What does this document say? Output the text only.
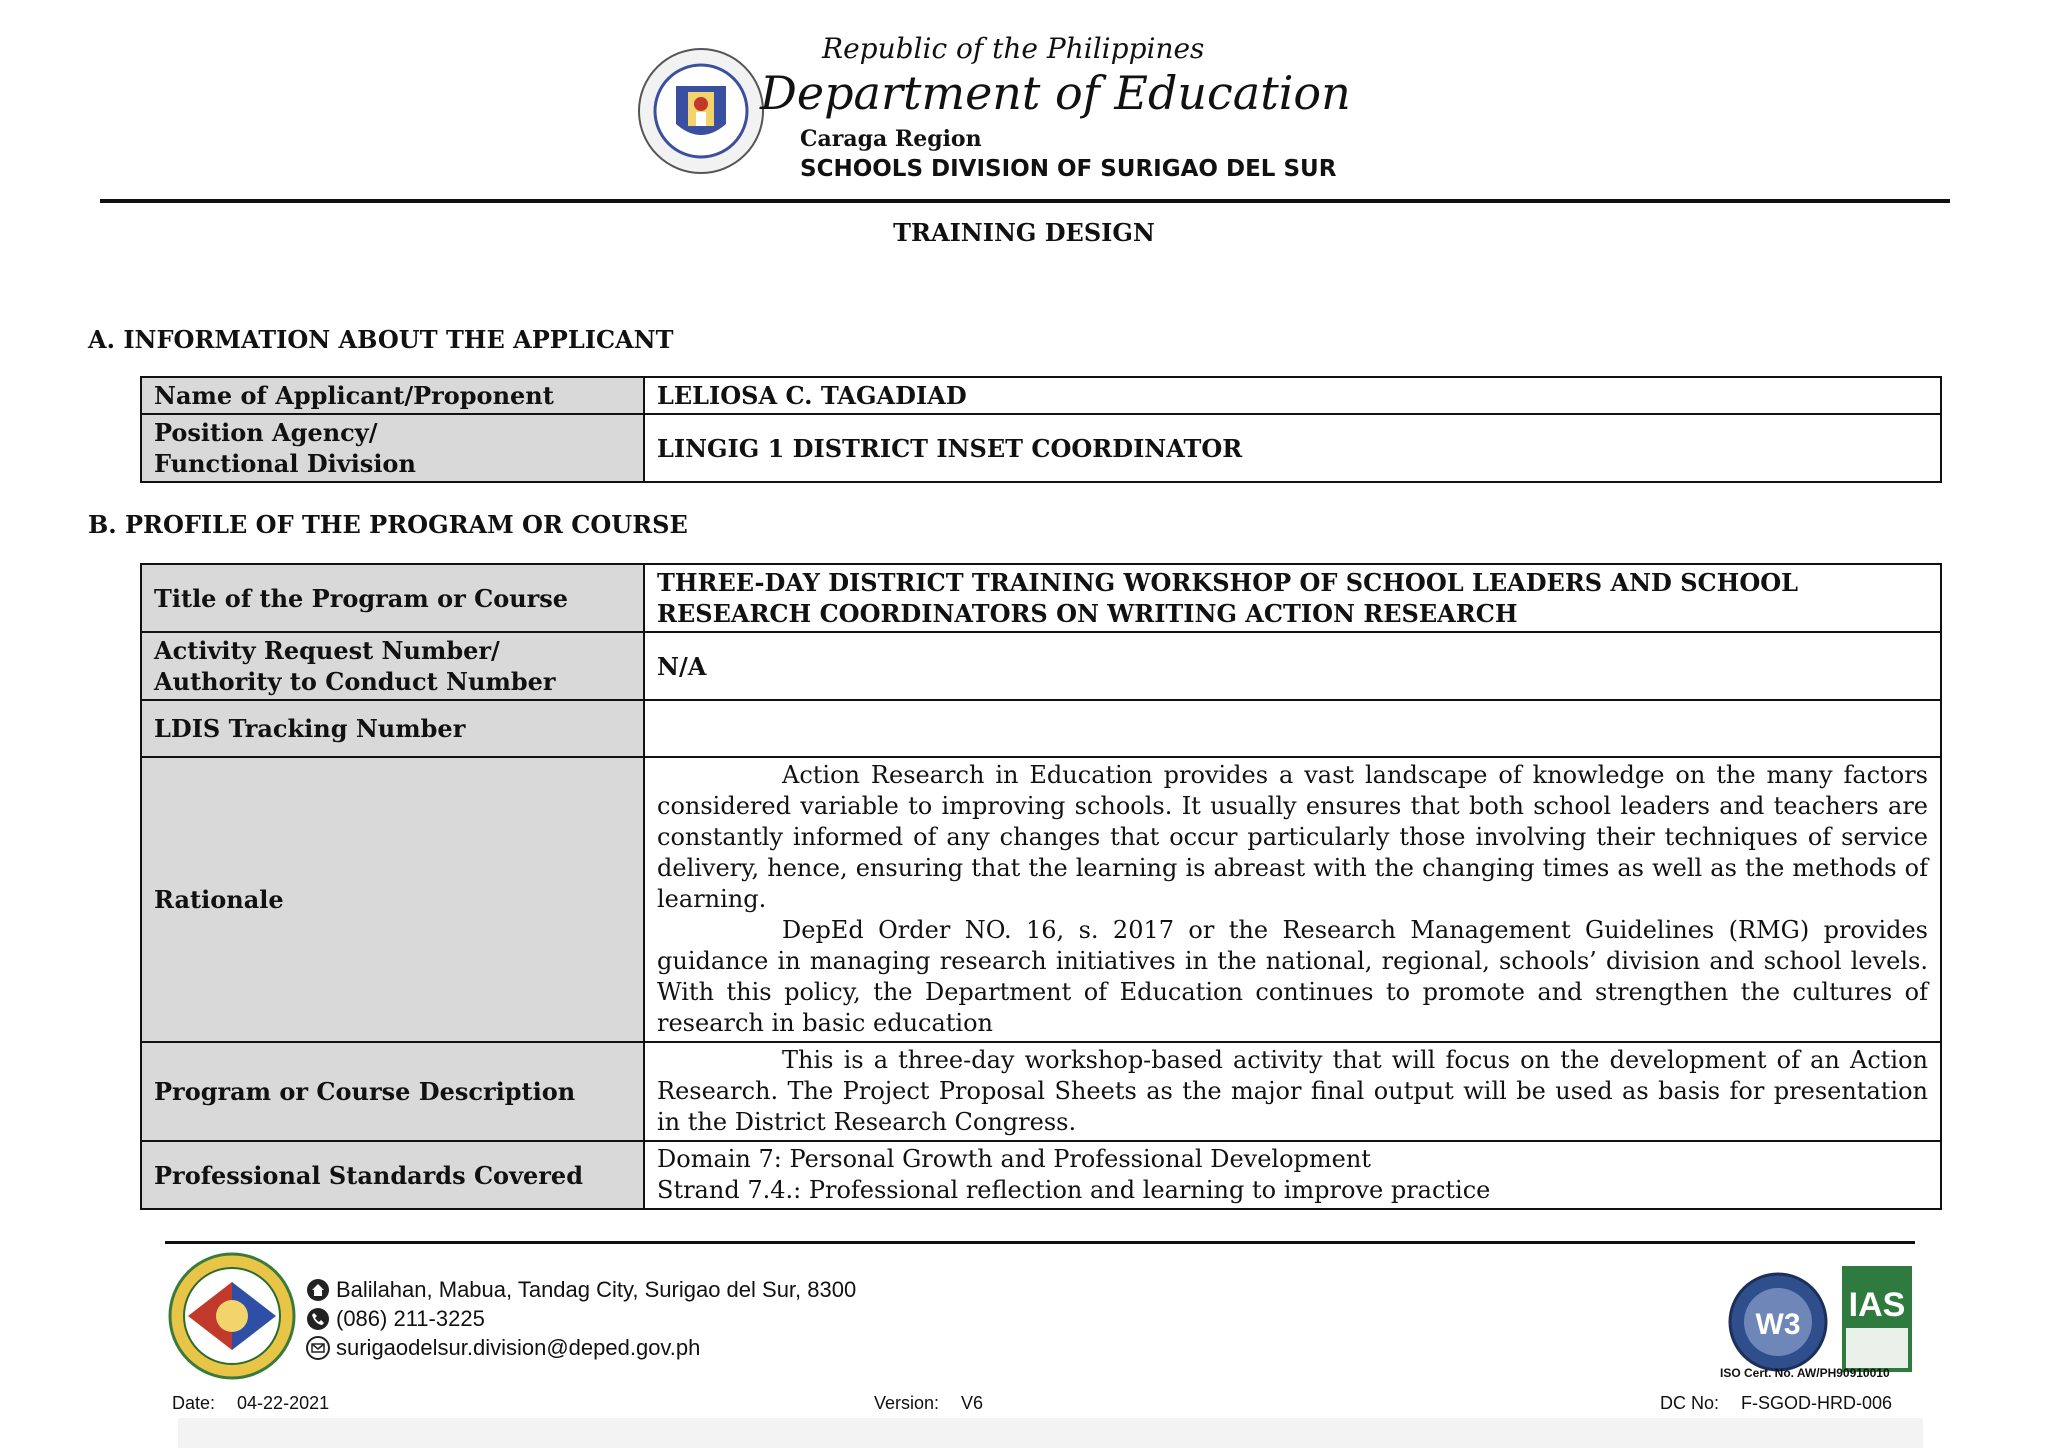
Republic of the Philippines
Department of Education
Caraga Region
SCHOOLS DIVISION OF SURIGAO DEL SUR
TRAINING DESIGN
A. INFORMATION ABOUT THE APPLICANT
Name of Applicant/Proponent	LELIOSA C. TAGADIAD
Position Agency/
Functional Division	LINGIG 1 DISTRICT INSET COORDINATOR
B. PROFILE OF THE PROGRAM OR COURSE
Title of the Program or Course	THREE-DAY DISTRICT TRAINING WORKSHOP OF SCHOOL LEADERS AND SCHOOL RESEARCH COORDINATORS ON WRITING ACTION RESEARCH
Activity Request Number/
Authority to Conduct Number	N/A
LDIS Tracking Number	
Rationale	Action Research in Education provides a vast landscape of knowledge on the many factors considered variable to improving schools. It usually ensures that both school leaders and teachers are constantly informed of any changes that occur particularly those involving their techniques of service delivery, hence, ensuring that the learning is abreast with the changing times as well as the methods of learning.
DepEd Order NO. 16, s. 2017 or the Research Management Guidelines (RMG) provides guidance in managing research initiatives in the national, regional, schools’ division and school levels. With this policy, the Department of Education continues to promote and strengthen the cultures of research in basic education

Program or Course Description	This is a three-day workshop-based activity that will focus on the development of an Action Research. The Project Proposal Sheets as the major final output will be used as basis for presentation in the District Research Congress.
Professional Standards Covered	Domain 7: Personal Growth and Professional Development
Strand 7.4.: Professional reflection and learning to improve practice
Balilahan, Mabua, Tandag City, Surigao del Sur, 8300
(086) 211-3225
surigaodelsur.division@deped.gov.ph
W3
IAS
ISO Cert. No. AW/PH90910010
Date: 04-22-2021	Version: V6	DC No: F-SGOD-HRD-006
